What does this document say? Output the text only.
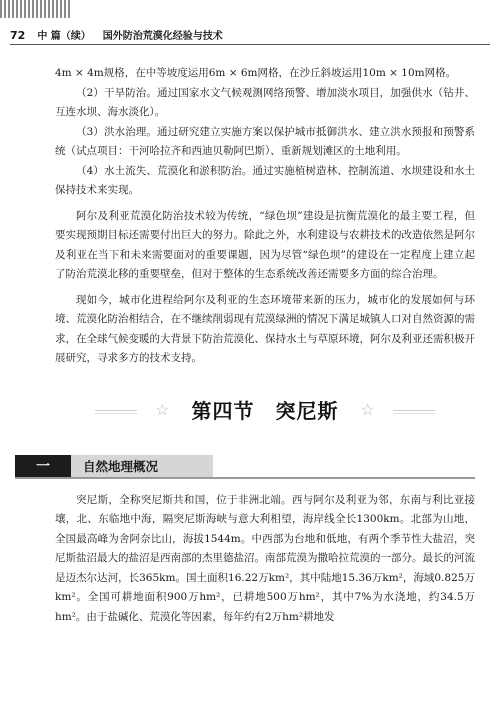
72 中 篇（续） 国外防治荒漠化经验与技术

4m × 4m规格，在中等坡度运用6m × 6m网格，在沙丘斜坡运用10m × 10m网格。

（2）干旱防治。通过国家水文气候观测网络预警、增加淡水项目，加强供水（钻井、互连水坝、海水淡化）。

（3）洪水治理。通过研究建立实施方案以保护城市抵御洪水、建立洪水预报和预警系统（试点项目：干河哈拉齐和西迪贝勒阿巴斯）、重新规划滩区的土地利用。

（4）水土流失、荒漠化和淤积防治。通过实施植树造林、控制流道、水坝建设和水土保持技术来实现。

阿尔及利亚荒漠化防治技术较为传统，“绿色坝”建设是抗衡荒漠化的最主要工程，但要实现预期目标还需要付出巨大的努力。除此之外，水利建设与农耕技术的改造依然是阿尔及利亚在当下和未来需要面对的重要课题，因为尽管“绿色坝”的建设在一定程度上建立起了防治荒漠北移的重要壁垒，但对于整体的生态系统改善还需要多方面的综合治理。

现如今，城市化进程给阿尔及利亚的生态环境带来新的压力，城市化的发展如何与环境、荒漠化防治相结合，在不继续削弱现有荒漠绿洲的情况下满足城镇人口对自然资源的需求，在全球气候变暖的大背景下防治荒漠化、保持水土与草原环境，阿尔及利亚还需积极开展研究，寻求多方的技术支持。

☆ 第四节　突尼斯 ☆
一	自然地理概况

突尼斯，全称突尼斯共和国，位于非洲北端。西与阿尔及利亚为邻，东南与利比亚接壤，北、东临地中海，隔突尼斯海峡与意大利相望，海岸线全长1300km。北部为山地，全国最高峰为舍阿奈比山，海拔1544m。中西部为台地和低地，有两个季节性大盐沼，突尼斯盐沼最大的盐沼是西南部的杰里德盐沼。南部荒漠为撒哈拉荒漠的一部分。最长的河流是迈杰尔达河，长365km。国土面积16.22万km²，其中陆地15.36万km²，海域0.825万km²。全国可耕地面积900万hm²，已耕地500万hm²，其中7%为水浇地，约34.5万hm²。由于盐碱化、荒漠化等因素，每年约有2万hm²耕地发
